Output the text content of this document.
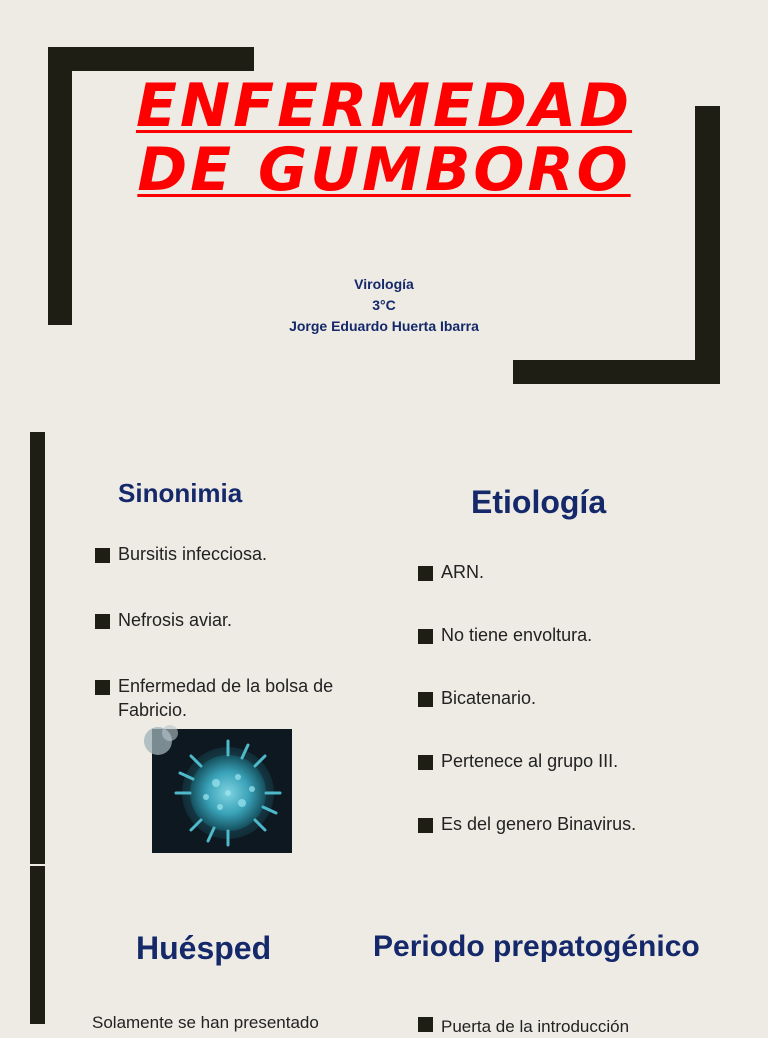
ENFERMEDAD
DE GUMBORO
Virología
3°C
Jorge Eduardo Huerta Ibarra
Sinonimia
Bursitis infecciosa.
Nefrosis aviar.
Enfermedad de la bolsa de Fabricio.
Etiología
ARN.
No tiene envoltura.
Bicatenario.
Pertenece al grupo III.
Es del genero Binavirus.
Huésped	Periodo prepatogénico
Solamente se han presentado	Puerta de la introducción
